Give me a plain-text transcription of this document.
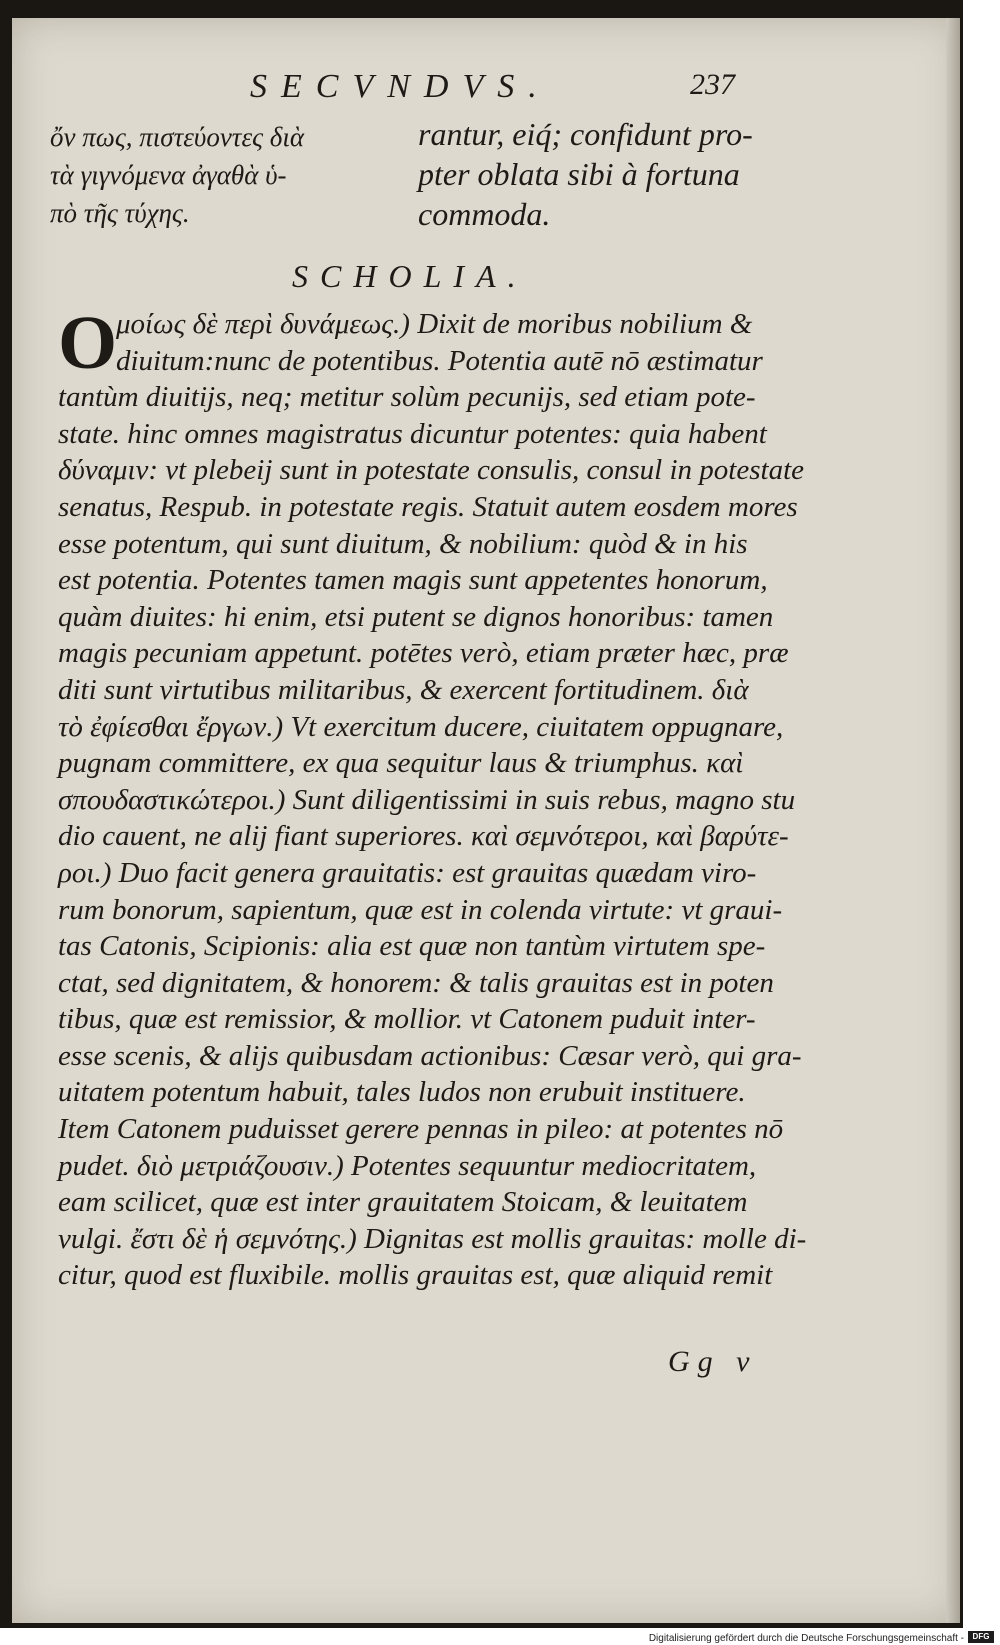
SECVNDVS.	237
ὄν πως, πιστεύοντες διὰ
τὰ γιγνόμενα ἀγαθὰ ὑ-
πὸ τῆς τύχης.
rantur, eiq́; confidunt pro-
pter oblata sibi à fortuna
commoda.
SCHOLIA.
O
μοίως δὲ περὶ δυνάμεως.) Dixit de moribus nobilium &
diuitum:nunc de potentibus. Potentia autē nō æstimatur
tantùm diuitijs, neq; metitur solùm pecunijs, sed etiam pote-
state. hinc omnes magistratus dicuntur potentes: quia habent
δύναμιν: vt plebeij sunt in potestate consulis, consul in potestate
senatus, Respub. in potestate regis. Statuit autem eosdem mores
esse potentum, qui sunt diuitum, & nobilium: quòd & in his
est potentia. Potentes tamen magis sunt appetentes honorum,
quàm diuites: hi enim, etsi putent se dignos honoribus: tamen
magis pecuniam appetunt. potētes verò, etiam præter hæc, præ
diti sunt virtutibus militaribus, & exercent fortitudinem. διὰ
τὸ ἐφίεσθαι ἔργων.) Vt exercitum ducere, ciuitatem oppugnare,
pugnam committere, ex qua sequitur laus & triumphus. καὶ
σπουδαστικώτεροι.) Sunt diligentissimi in suis rebus, magno stu
dio cauent, ne alij fiant superiores. καὶ σεμνότεροι, καὶ βαρύτε-
ροι.) Duo facit genera grauitatis: est grauitas quædam viro-
rum bonorum, sapientum, quæ est in colenda virtute: vt graui-
tas Catonis, Scipionis: alia est quæ non tantùm virtutem spe-
ctat, sed dignitatem, & honorem: & talis grauitas est in poten
tibus, quæ est remissior, & mollior. vt Catonem puduit inter-
esse scenis, & alijs quibusdam actionibus: Cæsar verò, qui gra-
uitatem potentum habuit, tales ludos non erubuit instituere.
Item Catonem puduisset gerere pennas in pileo: at potentes nō
pudet. διὸ μετριάζουσιν.) Potentes sequuntur mediocritatem,
eam scilicet, quæ est inter grauitatem Stoicam, & leuitatem
vulgi. ἔστι δὲ ἡ σεμνότης.) Dignitas est mollis grauitas: molle di-
citur, quod est fluxibile. mollis grauitas est, quæ aliquid remit
Gg v
Digitalisierung gefördert durch die Deutsche Forschungsgemeinschaft -	DFG
